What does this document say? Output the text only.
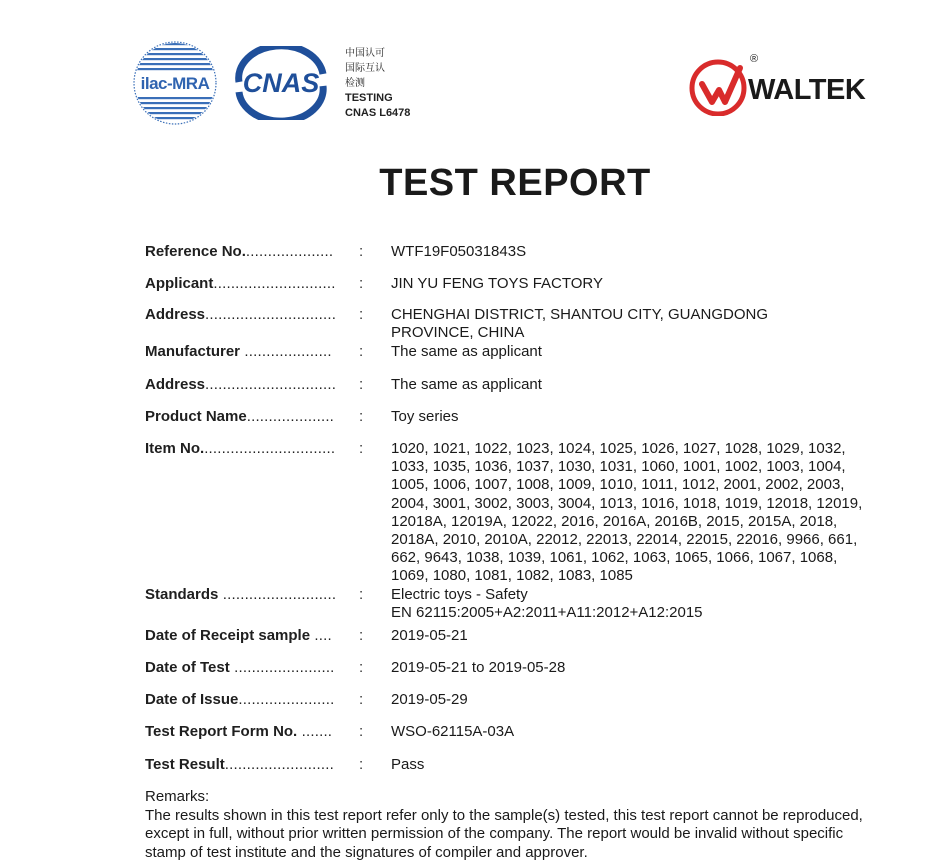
ilac-MRA CNAS
中国认可
国际互认
检测
TESTING
CNAS L6478
WALTEK
®
TEST REPORT
Reference No.....................	: WTF19F05031843S
Applicant............................	: JIN YU FENG TOYS FACTORY
Address..............................	: CHENGHAI DISTRICT, SHANTOU CITY, GUANGDONG PROVINCE, CHINA
Manufacturer ....................	: The same as applicant
Address..............................	: The same as applicant
Product Name....................	: Toy series
Item No...............................	: 1020, 1021, 1022, 1023, 1024, 1025, 1026, 1027, 1028, 1029, 1032, 1033, 1035, 1036, 1037, 1030, 1031, 1060, 1001, 1002, 1003, 1004, 1005, 1006, 1007, 1008, 1009, 1010, 1011, 1012, 2001, 2002, 2003, 2004, 3001, 3002, 3003, 3004, 1013, 1016, 1018, 1019, 12018, 12019, 12018A, 12019A, 12022, 2016, 2016A, 2016B, 2015, 2015A, 2018, 2018A, 2010, 2010A, 22012, 22013, 22014, 22015, 22016, 9966, 661, 662, 9643, 1038, 1039, 1061, 1062, 1063, 1065, 1066, 1067, 1068, 1069, 1080, 1081, 1082, 1083, 1085
Standards ..........................	: Electric toys - Safety
EN 62115:2005+A2:2011+A11:2012+A12:2015
Date of Receipt sample ....	: 2019-05-21
Date of Test .......................	: 2019-05-21 to 2019-05-28
Date of Issue......................	: 2019-05-29
Test Report Form No. .......	: WSO-62115A-03A
Test Result.........................	: Pass
Remarks:
The results shown in this test report refer only to the sample(s) tested, this test report cannot be reproduced, except in full, without prior written permission of the company. The report would be invalid without specific stamp of test institute and the signatures of compiler and approver.
